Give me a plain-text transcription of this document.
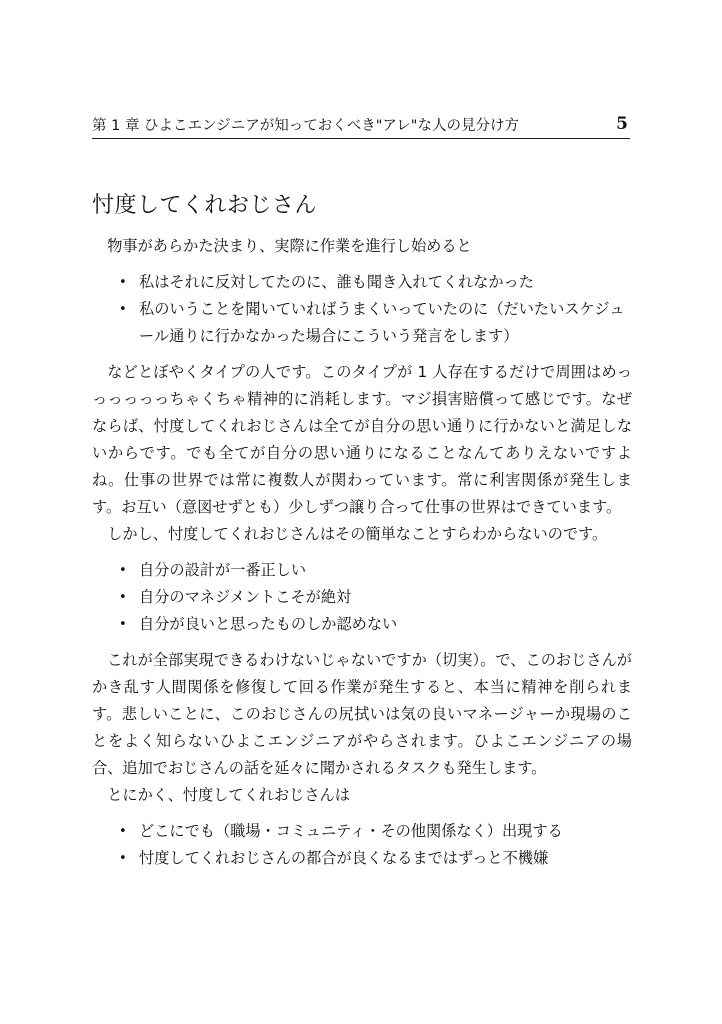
第 1 章 ひよこエンジニアが知っておくべき"アレ"な人の見分け方	5
忖度してくれおじさん

物事があらかた決まり、実際に作業を進行し始めると

• 私はそれに反対してたのに、誰も聞き入れてくれなかった
• 私のいうことを聞いていればうまくいっていたのに（だいたいスケジュール通りに行かなかった場合にこういう発言をします）

などとぼやくタイプの人です。このタイプが 1 人存在するだけで周囲はめっっっっっっちゃくちゃ精神的に消耗します。マジ損害賠償って感じです。なぜならば、忖度してくれおじさんは全てが自分の思い通りに行かないと満足しないからです。でも全てが自分の思い通りになることなんてありえないですよね。仕事の世界では常に複数人が関わっています。常に利害関係が発生します。お互い（意図せずとも）少しずつ譲り合って仕事の世界はできています。

しかし、忖度してくれおじさんはその簡単なことすらわからないのです。

• 自分の設計が一番正しい
• 自分のマネジメントこそが絶対
• 自分が良いと思ったものしか認めない

これが全部実現できるわけないじゃないですか（切実）。で、このおじさんがかき乱す人間関係を修復して回る作業が発生すると、本当に精神を削られます。悲しいことに、このおじさんの尻拭いは気の良いマネージャーか現場のことをよく知らないひよこエンジニアがやらされます。ひよこエンジニアの場合、追加でおじさんの話を延々に聞かされるタスクも発生します。

とにかく、忖度してくれおじさんは

• どこにでも（職場・コミュニティ・その他関係なく）出現する
• 忖度してくれおじさんの都合が良くなるまではずっと不機嫌
